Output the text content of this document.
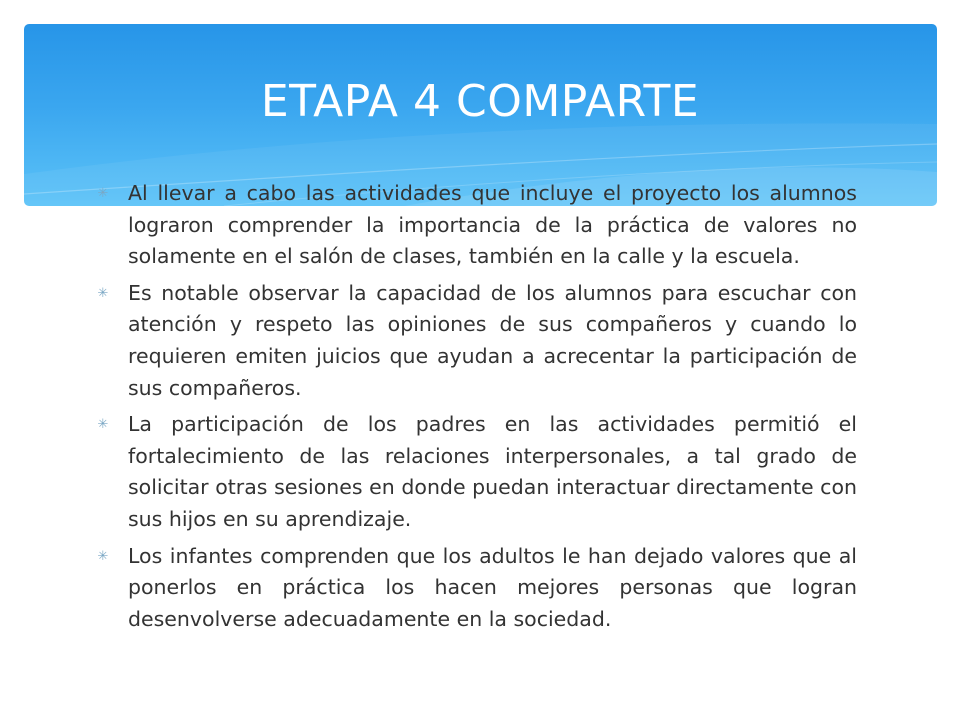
ETAPA 4 COMPARTE
✳ Al llevar a cabo las actividades que incluye el proyecto los alumnos lograron comprender la importancia de la práctica de valores no solamente en el salón de clases, también en la calle y la escuela.
✳ Es notable observar la capacidad de los alumnos para escuchar con atención y respeto las opiniones de sus compañeros y cuando lo requieren emiten juicios que ayudan a acrecentar la participación de sus compañeros.
✳ La participación de los padres en las actividades permitió el fortalecimiento de las relaciones interpersonales, a tal grado de solicitar otras sesiones en donde puedan interactuar directamente con sus hijos en su aprendizaje.
✳ Los infantes comprenden que los adultos le han dejado valores que al ponerlos en práctica los hacen mejores personas que logran desenvolverse adecuadamente en la sociedad.
